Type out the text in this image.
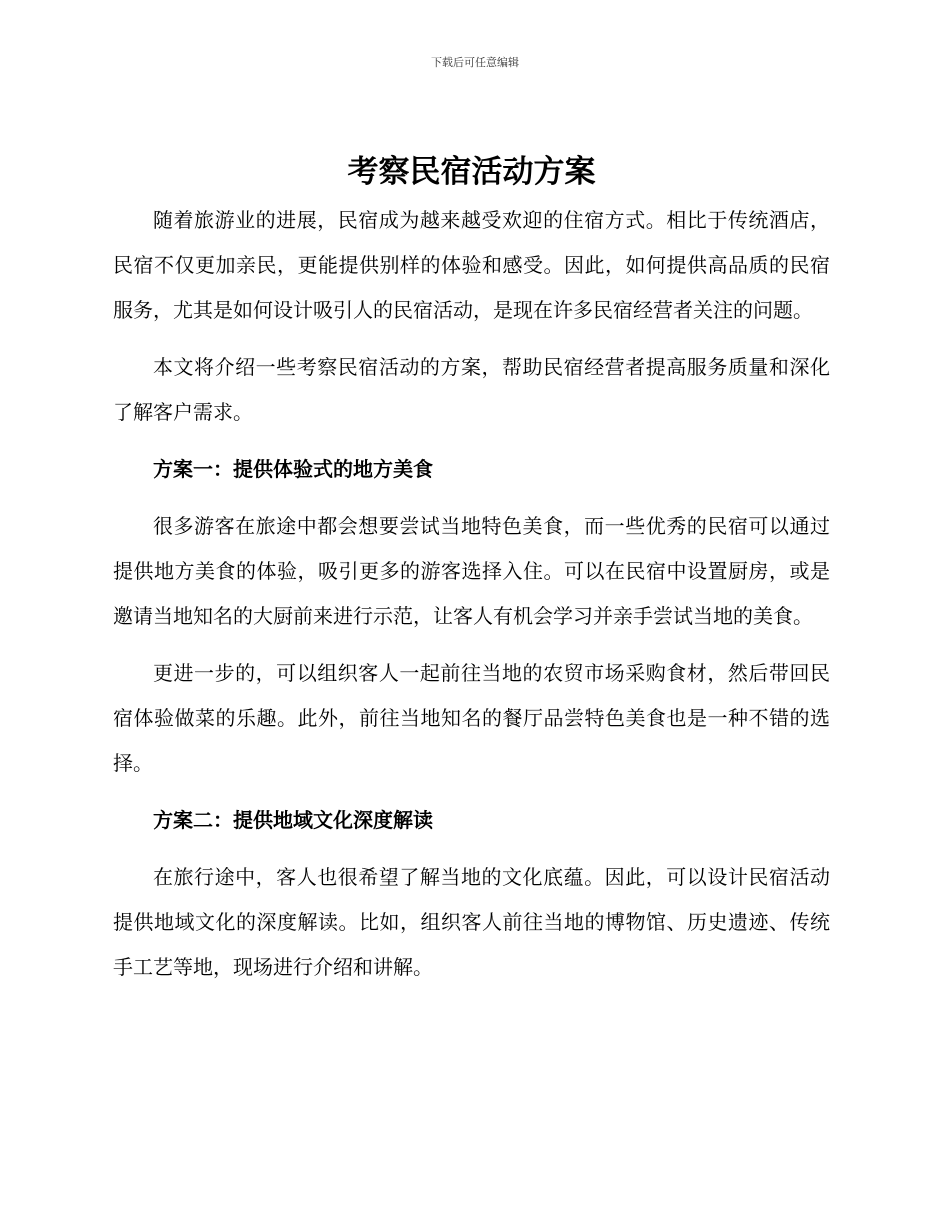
下载后可任意编辑
考察民宿活动方案

随着旅游业的进展，民宿成为越来越受欢迎的住宿方式。相比于传统酒店，民宿不仅更加亲民，更能提供别样的体验和感受。因此，如何提供高品质的民宿服务，尤其是如何设计吸引人的民宿活动，是现在许多民宿经营者关注的问题。

本文将介绍一些考察民宿活动的方案，帮助民宿经营者提高服务质量和深化了解客户需求。

方案一：提供体验式的地方美食

很多游客在旅途中都会想要尝试当地特色美食，而一些优秀的民宿可以通过提供地方美食的体验，吸引更多的游客选择入住。可以在民宿中设置厨房，或是邀请当地知名的大厨前来进行示范，让客人有机会学习并亲手尝试当地的美食。

更进一步的，可以组织客人一起前往当地的农贸市场采购食材，然后带回民宿体验做菜的乐趣。此外，前往当地知名的餐厅品尝特色美食也是一种不错的选择。

方案二：提供地域文化深度解读

在旅行途中，客人也很希望了解当地的文化底蕴。因此，可以设计民宿活动提供地域文化的深度解读。比如，组织客人前往当地的博物馆、历史遗迹、传统手工艺等地，现场进行介绍和讲解。
